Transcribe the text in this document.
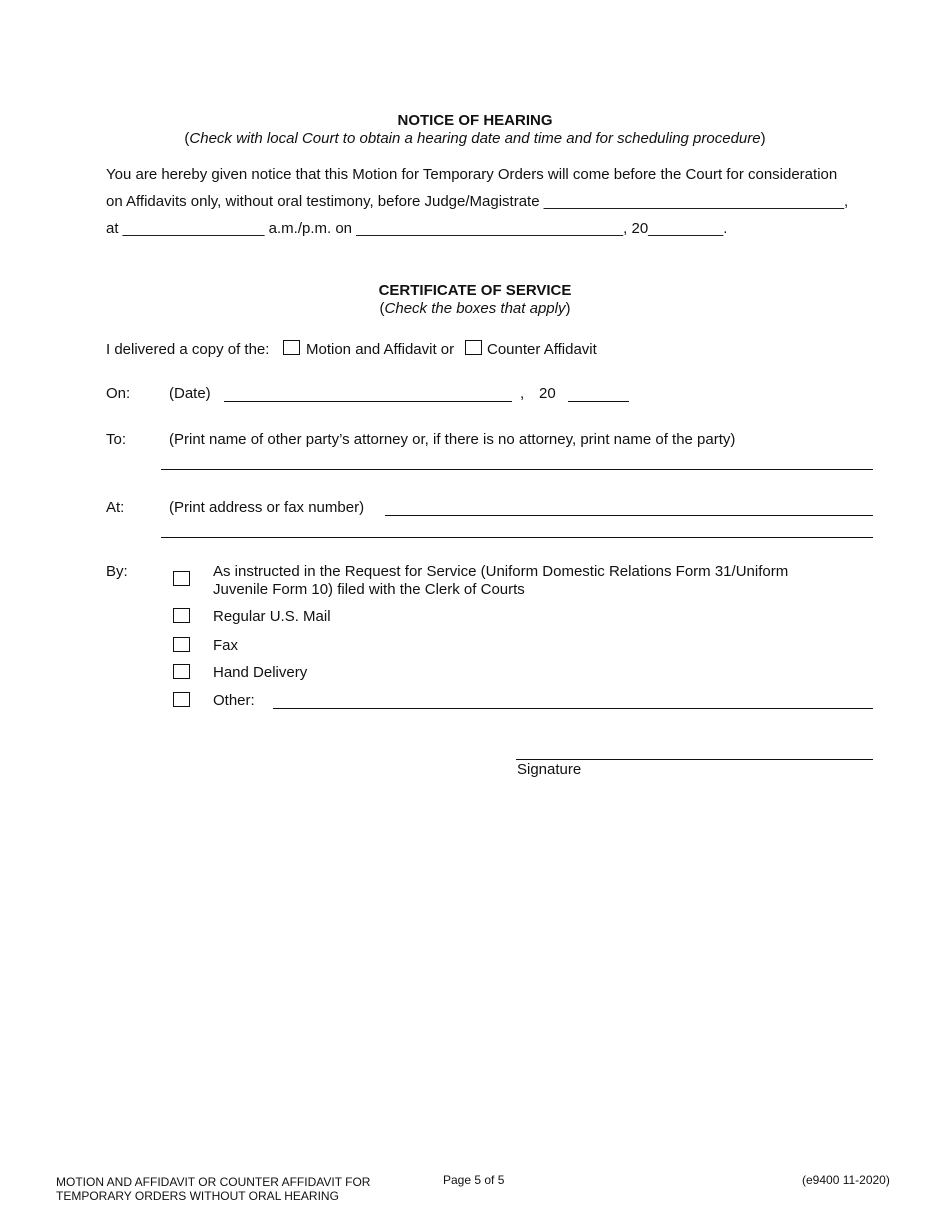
NOTICE OF HEARING
(Check with local Court to obtain a hearing date and time and for scheduling procedure)
You are hereby given notice that this Motion for Temporary Orders will come before the Court for consideration
on Affidavits only, without oral testimony, before Judge/Magistrate ____________________________________,
at _________________ a.m./p.m. on ________________________________, 20_________.
CERTIFICATE OF SERVICE
(Check the boxes that apply)
I delivered a copy of the: Motion and Affidavit or Counter Affidavit
On:	(Date)	, 20
To:	(Print name of other party’s attorney or, if there is no attorney, print name of the party)
At:	(Print address or fax number)
By:	As instructed in the Request for Service (Uniform Domestic Relations Form 31/Uniform
Juvenile Form 10) filed with the Clerk of Courts
Regular U.S. Mail
Fax
Hand Delivery
Other:
Signature
MOTION AND AFFIDAVIT OR COUNTER AFFIDAVIT FOR
TEMPORARY ORDERS WITHOUT ORAL HEARING
Page 5 of 5	(e9400 11-2020)
